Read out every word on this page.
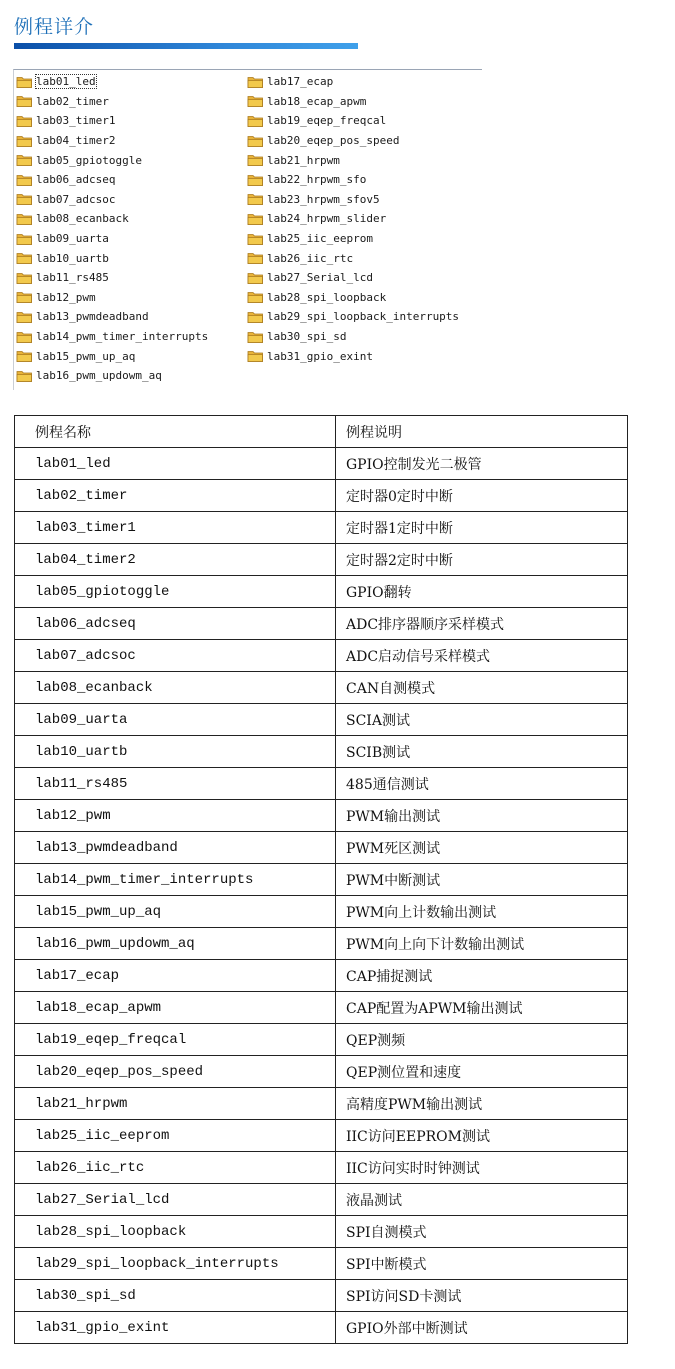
例程详介
lab01_led
lab02_timer
lab03_timer1
lab04_timer2
lab05_gpiotoggle
lab06_adcseq
lab07_adcsoc
lab08_ecanback
lab09_uarta
lab10_uartb
lab11_rs485
lab12_pwm
lab13_pwmdeadband
lab14_pwm_timer_interrupts
lab15_pwm_up_aq
lab16_pwm_updowm_aq
lab17_ecap
lab18_ecap_apwm
lab19_eqep_freqcal
lab20_eqep_pos_speed
lab21_hrpwm
lab22_hrpwm_sfo
lab23_hrpwm_sfov5
lab24_hrpwm_slider
lab25_iic_eeprom
lab26_iic_rtc
lab27_Serial_lcd
lab28_spi_loopback
lab29_spi_loopback_interrupts
lab30_spi_sd
lab31_gpio_exint
例程名称	例程说明
lab01_led	GPIO控制发光二极管
lab02_timer	定时器0定时中断
lab03_timer1	定时器1定时中断
lab04_timer2	定时器2定时中断
lab05_gpiotoggle	GPIO翻转
lab06_adcseq	ADC排序器顺序采样模式
lab07_adcsoc	ADC启动信号采样模式
lab08_ecanback	CAN自测模式
lab09_uarta	SCIA测试
lab10_uartb	SCIB测试
lab11_rs485	485通信测试
lab12_pwm	PWM输出测试
lab13_pwmdeadband	PWM死区测试
lab14_pwm_timer_interrupts	PWM中断测试
lab15_pwm_up_aq	PWM向上计数输出测试
lab16_pwm_updowm_aq	PWM向上向下计数输出测试
lab17_ecap	CAP捕捉测试
lab18_ecap_apwm	CAP配置为APWM输出测试
lab19_eqep_freqcal	QEP测频
lab20_eqep_pos_speed	QEP测位置和速度
lab21_hrpwm	高精度PWM输出测试
lab25_iic_eeprom	IIC访问EEPROM测试
lab26_iic_rtc	IIC访问实时时钟测试
lab27_Serial_lcd	液晶测试
lab28_spi_loopback	SPI自测模式
lab29_spi_loopback_interrupts	SPI中断模式
lab30_spi_sd	SPI访问SD卡测试
lab31_gpio_exint	GPIO外部中断测试
